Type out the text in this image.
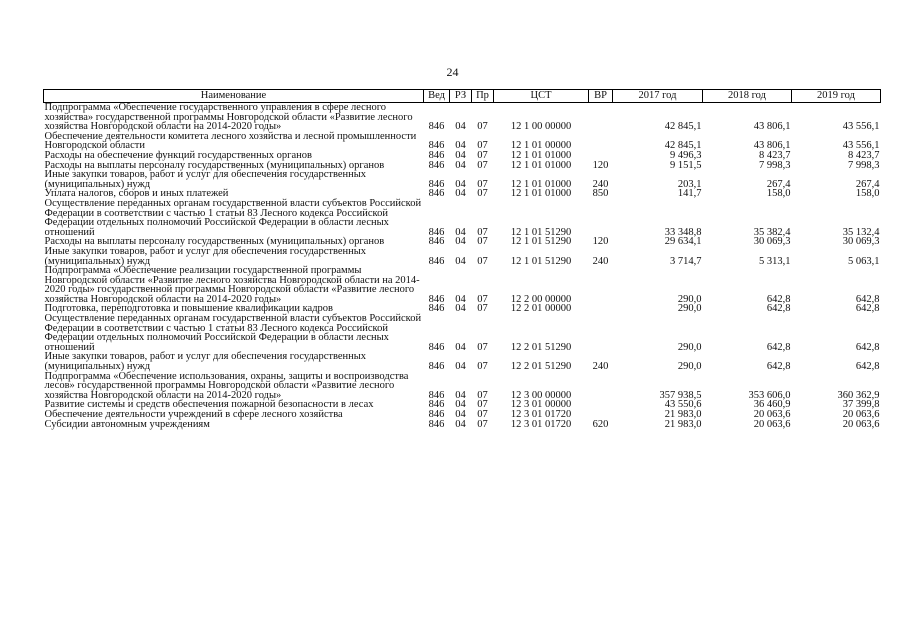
24
Наименование	Вед	РЗ	Пр	ЦСТ	ВР	2017 год	2018 год	2019 год
Подпрограмма «Обеспечение государственного управления в сфере лесного хозяйства» государственной программы Новгородской области «Развитие лесного хозяйства Новгородской области на 2014-2020 годы»	846	04	07	12 1 00 00000		42 845,1	43 806,1	43 556,1
Обеспечение деятельности комитета лесного хозяйства и лесной промышленности Новгородской области	846	04	07	12 1 01 00000		42 845,1	43 806,1	43 556,1
Расходы на обеспечение функций государственных органов	846	04	07	12 1 01 01000		9 496,3	8 423,7	8 423,7
Расходы на выплаты персоналу государственных (муниципальных) органов	846	04	07	12 1 01 01000	120	9 151,5	7 998,3	7 998,3
Иные закупки товаров, работ и услуг для обеспечения государственных (муниципальных) нужд	846	04	07	12 1 01 01000	240	203,1	267,4	267,4
Уплата налогов, сборов и иных платежей	846	04	07	12 1 01 01000	850	141,7	158,0	158,0
Осуществление переданных органам государственной власти субъектов Российской Федерации в соответствии с частью 1 статьи 83 Лесного кодекса Российской Федерации отдельных полномочий Российской Федерации в области лесных отношений	846	04	07	12 1 01 51290		33 348,8	35 382,4	35 132,4
Расходы на выплаты персоналу государственных (муниципальных) органов	846	04	07	12 1 01 51290	120	29 634,1	30 069,3	30 069,3
Иные закупки товаров, работ и услуг для обеспечения государственных (муниципальных) нужд	846	04	07	12 1 01 51290	240	3 714,7	5 313,1	5 063,1
Подпрограмма «Обеспечение реализации государственной программы Новгородской области «Развитие лесного хозяйства Новгородской области на 2014-2020 годы» государственной программы Новгородской области «Развитие лесного хозяйства Новгородской области на 2014-2020 годы»	846	04	07	12 2 00 00000		290,0	642,8	642,8
Подготовка, переподготовка и повышение квалификации кадров	846	04	07	12 2 01 00000		290,0	642,8	642,8
Осуществление переданных органам государственной власти субъектов Российской Федерации в соответствии с частью 1 статьи 83 Лесного кодекса Российской Федерации отдельных полномочий Российской Федерации в области лесных отношений	846	04	07	12 2 01 51290		290,0	642,8	642,8
Иные закупки товаров, работ и услуг для обеспечения государственных (муниципальных) нужд	846	04	07	12 2 01 51290	240	290,0	642,8	642,8
Подпрограмма «Обеспечение использования, охраны, защиты и воспроизводства лесов» государственной программы Новгородской области «Развитие лесного хозяйства Новгородской области на 2014-2020 годы»	846	04	07	12 3 00 00000		357 938,5	353 606,0	360 362,9
Развитие системы и средств обеспечения пожарной безопасности в лесах	846	04	07	12 3 01 00000		43 550,6	36 460,9	37 399,8
Обеспечение деятельности учреждений в сфере лесного хозяйства	846	04	07	12 3 01 01720		21 983,0	20 063,6	20 063,6
Субсидии автономным учреждениям	846	04	07	12 3 01 01720	620	21 983,0	20 063,6	20 063,6
